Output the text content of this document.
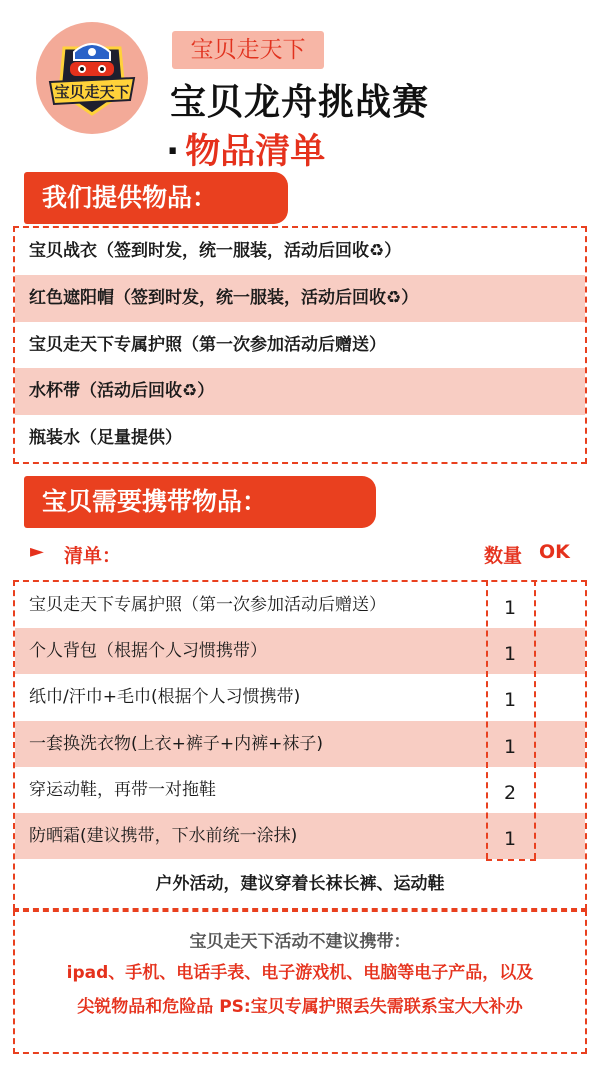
宝贝走天下
宝贝走天下
宝贝龙舟挑战赛
· 物品清单
我们提供物品：
宝贝战衣（签到时发，统一服装，活动后回收♻）
红色遮阳帽（签到时发，统一服装，活动后回收♻）
宝贝走天下专属护照（第一次参加活动后赠送）
水杯带（活动后回收♻）
瓶装水（足量提供）
宝贝需要携带物品：
► 清单：	数量 OK
宝贝走天下专属护照（第一次参加活动后赠送）	1
个人背包（根据个人习惯携带）	1
纸巾/汗巾+毛巾(根据个人习惯携带)	1
一套换洗衣物(上衣+裤子+内裤+袜子)	1
穿运动鞋，再带一对拖鞋	2
防晒霜(建议携带，下水前统一涂抹)	1
户外活动，建议穿着长袜长裤、运动鞋
宝贝走天下活动不建议携带：
ipad、手机、电话手表、电子游戏机、电脑等电子产品，以及
尖锐物品和危险品 PS:宝贝专属护照丢失需联系宝大大补办
